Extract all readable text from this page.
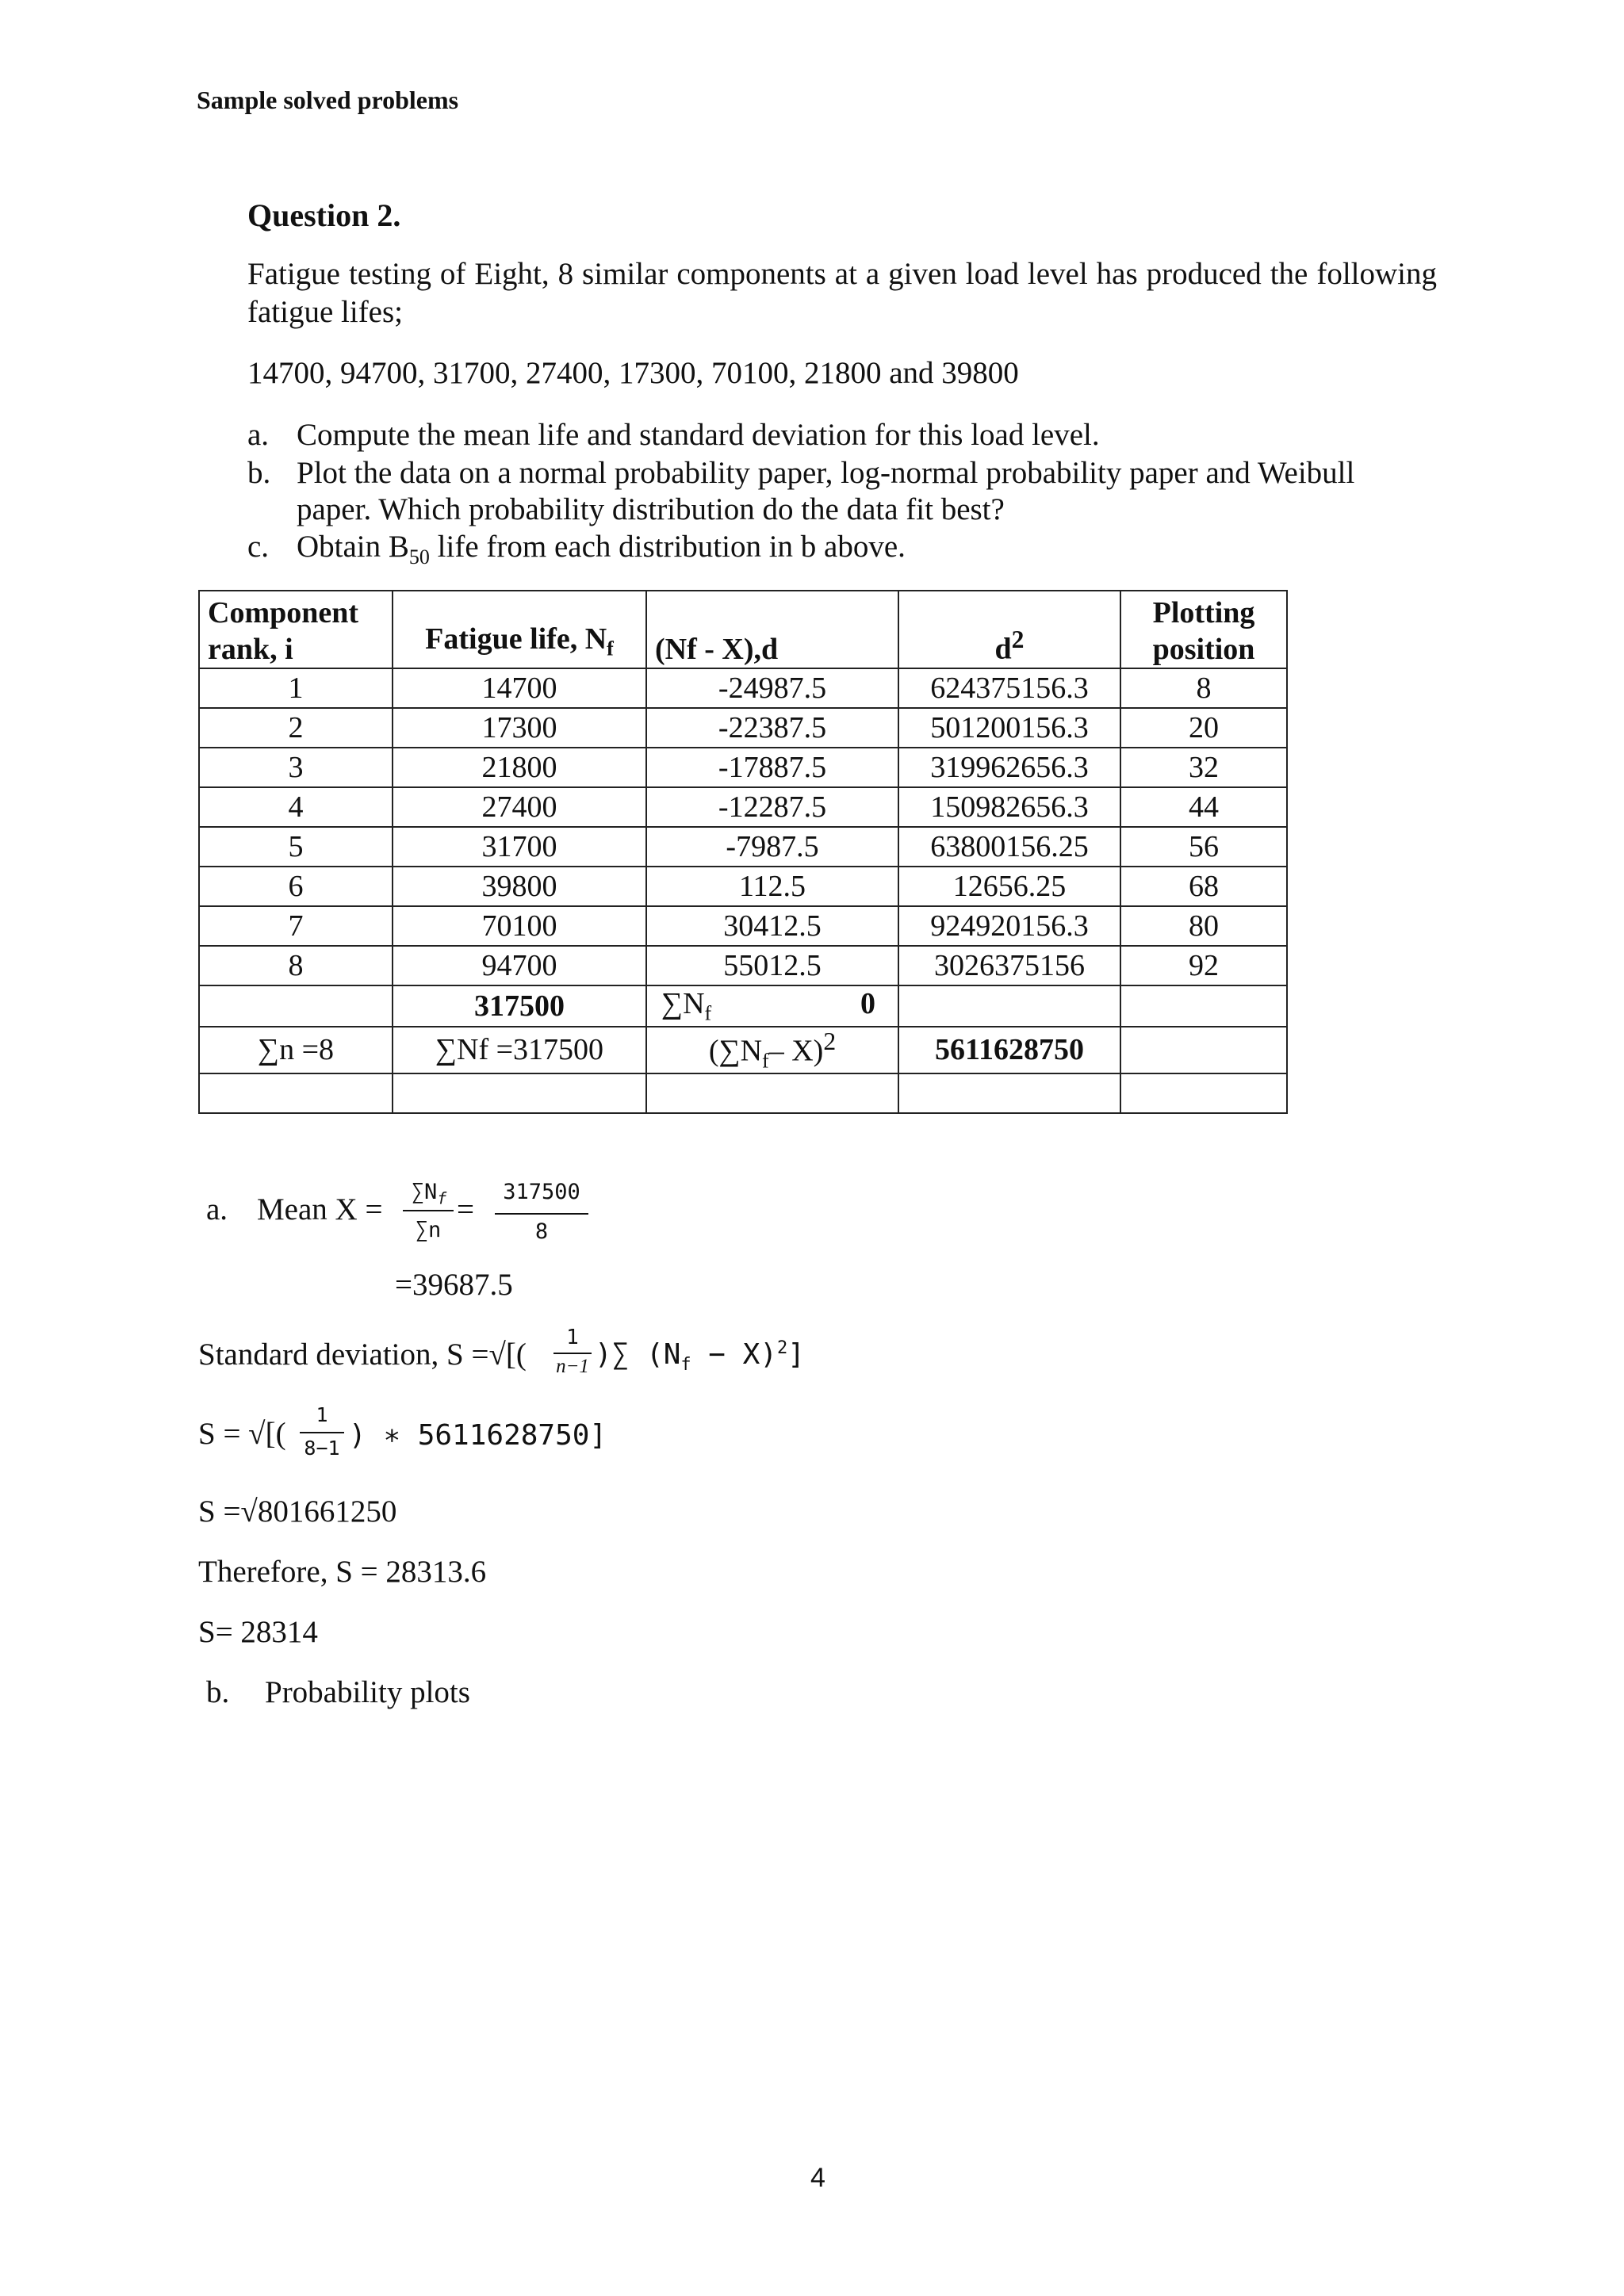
Sample solved problems
Question 2.
Fatigue testing of Eight, 8 similar components at a given load level has produced the following fatigue lifes;
14700, 94700, 31700, 27400, 17300, 70100, 21800 and 39800
a. Compute the mean life and standard deviation for this load level.
b. Plot the data on a normal probability paper, log-normal probability paper and Weibull
paper. Which probability distribution do the data fit best?
c. Obtain $B_{50}$ life from each distribution in b above.
Component
rank, i	Fatigue life, $N_f$	(Nf - X),d	$d^2$	Plotting
position
1	14700	-24987.5	624375156.3	8
2	17300	-22387.5	501200156.3	20
3	21800	-17887.5	319962656.3	32
4	27400	-12287.5	150982656.3	44
5	31700	-7987.5	63800156.25	56
6	39800	112.5	12656.25	68
7	70100	30412.5	924920156.3	80
8	94700	55012.5	3026375156	92
	317500	$\sum N_f$ 0		

∑n =8	∑Nf =317500	($\sum N_f-$ X)$^2$	5611628750	

a. Mean X =
$\sum N_f$
∑n
=
317500
8
=39687.5
Standard deviation, S =√[(	1
n−1 )∑ $(N_f - X)^2$]
S = √[(
1
8−1 ) ∗ 5611628750]
S =√801661250
Therefore, S = 28313.6
S= 28314
b. Probability plots
4
